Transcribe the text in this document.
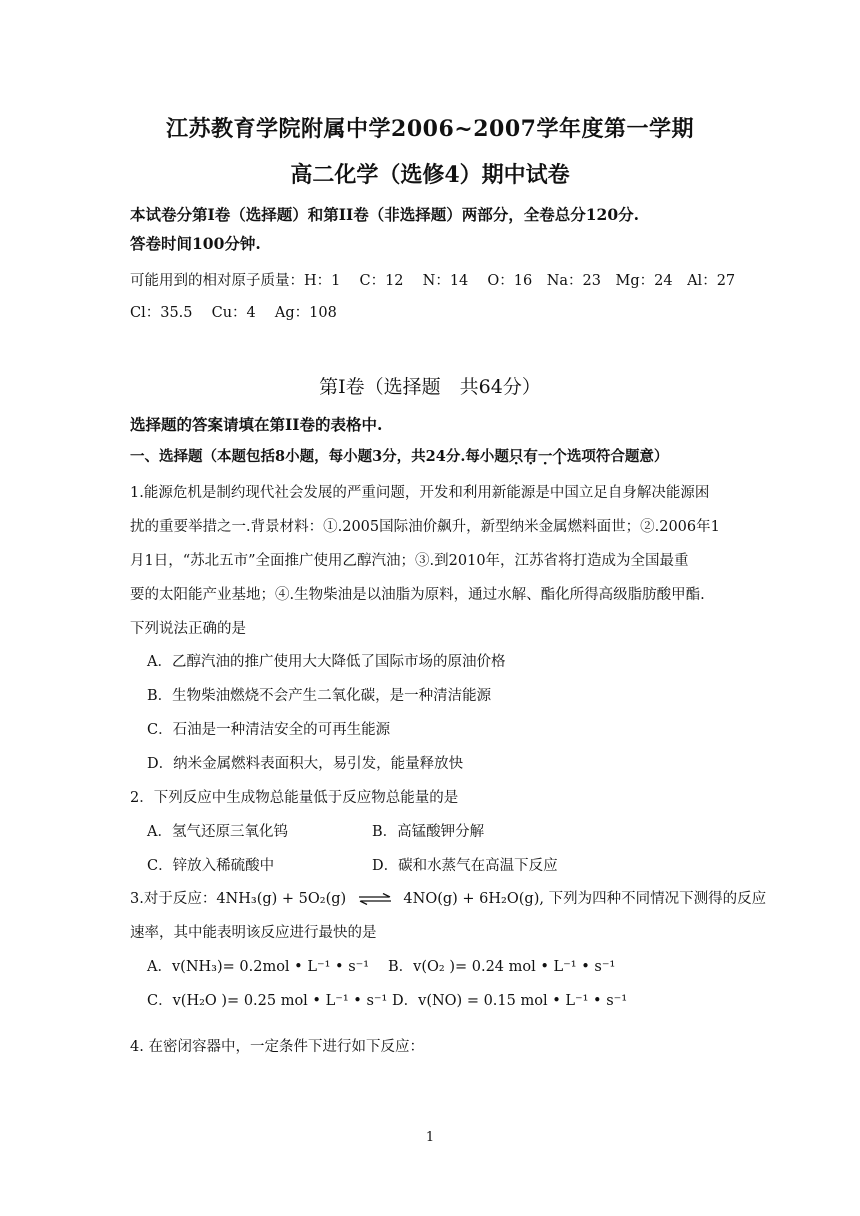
江苏教育学院附属中学2006~2007学年度第一学期
高二化学（选修4）期中试卷
本试卷分第Ⅰ卷（选择题）和第II卷（非选择题）两部分，全卷总分120分.
答卷时间100分钟.
可能用到的相对原子质量：H：1　 C：12　 N：14　 O：16　Na：23　Mg：24　Al：27
Cl：35.5　 Cu：4　 Ag：108
第Ⅰ卷（选择题　共64分）
选择题的答案请填在第II卷的表格中.
一、选择题（本题包括8小题，每小题3分，共24分.每小题只有一个选项符合题意）
1.能源危机是制约现代社会发展的严重问题，开发和利用新能源是中国立足自身解决能源困
扰的重要举措之一.背景材料：①.2005国际油价飙升，新型纳米金属燃料面世；②.2006年1
月1日，“苏北五市”全面推广使用乙醇汽油；③.到2010年，江苏省将打造成为全国最重
要的太阳能产业基地；④.生物柴油是以油脂为原料，通过水解、酯化所得高级脂肪酸甲酯.
下列说法正确的是
A．乙醇汽油的推广使用大大降低了国际市场的原油价格
B．生物柴油燃烧不会产生二氧化碳，是一种清洁能源
C．石油是一种清洁安全的可再生能源
D．纳米金属燃料表面积大，易引发，能量释放快
2．下列反应中生成物总能量低于反应物总能量的是
A．氢气还原三氧化钨	B．高锰酸钾分解
C．锌放入稀硫酸中	D．碳和水蒸气在高温下反应
3.对于反应：4NH₃(g) + 5O₂(g) ⇌ 4NO(g) + 6H₂O(g), 下列为四种不同情况下测得的反应
速率，其中能表明该反应进行最快的是
A．v(NH₃)= 0.2mol • L⁻¹ • s⁻¹ B．v(O₂ )= 0.24 mol • L⁻¹ • s⁻¹
C．v(H₂O )= 0.25 mol • L⁻¹ • s⁻¹ D．v(NO) = 0.15 mol • L⁻¹ • s⁻¹
4. 在密闭容器中，一定条件下进行如下反应：
1
